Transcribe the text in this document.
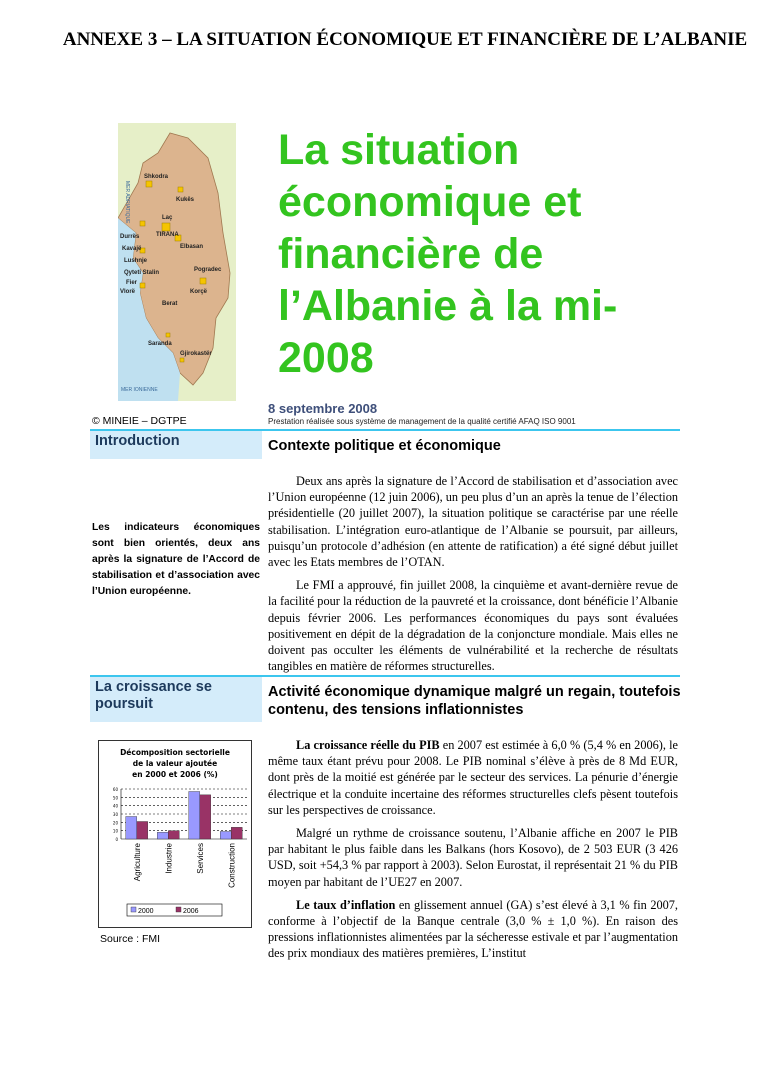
ANNEXE 3 – LA SITUATION ÉCONOMIQUE ET FINANCIÈRE DE L’ALBANIE
Shkodra
Kukës
Laç
TIRANA
Durrës
Kavajë	Elbasan
Lushnje
Qyteti Stalin
Fier
Pogradec
Vlorë	Korçë
Berat
Gjirokastër
Saranda
MER ADRIATIQUE
MER IONIENNE
La situation économique et financière de l’Albanie à la mi-2008
8 septembre 2008
Prestation réalisée sous système de management de la qualité certifié AFAQ ISO 9001
© MINEIE – DGTPE
Introduction	Contexte politique et économique
Les indicateurs économiques sont bien orientés, deux ans après la signature de l’Accord de stabilisation et d’association avec l’Union européenne.

Deux ans après la signature de l’Accord de stabilisation et d’association avec l’Union européenne (12 juin 2006), un peu plus d’un an après la tenue de l’élection présidentielle (20 juillet 2007), la situation politique se caractérise par une réelle stabilisation. L’intégration euro-atlantique de l’Albanie se poursuit, par ailleurs, puisqu’un protocole d’adhésion (en attente de ratification) a été signé début juillet avec les Etats membres de l’OTAN.

Le FMI a approuvé, fin juillet 2008, la cinquième et avant-dernière revue de la facilité pour la réduction de la pauvreté et la croissance, dont bénéficie l’Albanie depuis février 2006. Les performances économiques du pays sont évaluées positivement en dépit de la dégradation de la conjoncture mondiale. Mais elles ne doivent pas occulter les éléments de vulnérabilité et la recherche de résultats tangibles en matière de réformes structurelles.

La croissance se poursuit
Activité économique dynamique malgré un regain, toutefois contenu, des tensions inflationnistes

La croissance réelle du PIB en 2007 est estimée à 6,0 % (5,4 % en 2006), le même taux étant prévu pour 2008. Le PIB nominal s’élève à près de 8 Md EUR, dont près de la moitié est générée par le secteur des services. La pénurie d’énergie électrique et la conduite incertaine des réformes structurelles clefs pèsent toutefois sur les perspectives de croissance.

Malgré un rythme de croissance soutenu, l’Albanie affiche en 2007 le PIB par habitant le plus faible dans les Balkans (hors Kosovo), de 2 503 EUR (3 426 USD, soit +54,3 % par rapport à 2003). Selon Eurostat, il représentait 21 % du PIB moyen par habitant de l’UE27 en 2007.

Le taux d’inflation en glissement annuel (GA) s’est élevé à 3,1 % fin 2007, conforme à l’objectif de la Banque centrale (3,0 % ± 1,0 %). En raison des pressions inflationnistes alimentées par la sécheresse estivale et par l’augmentation des prix mondiaux des matières premières, L’institut

Décomposition sectorielle
de la valeur ajoutée
en 2000 et 2006 (%)
0
10
20
30
40
50
60
Agriculture	Industrie	Services	Construction
2000	2006
Source : FMI
